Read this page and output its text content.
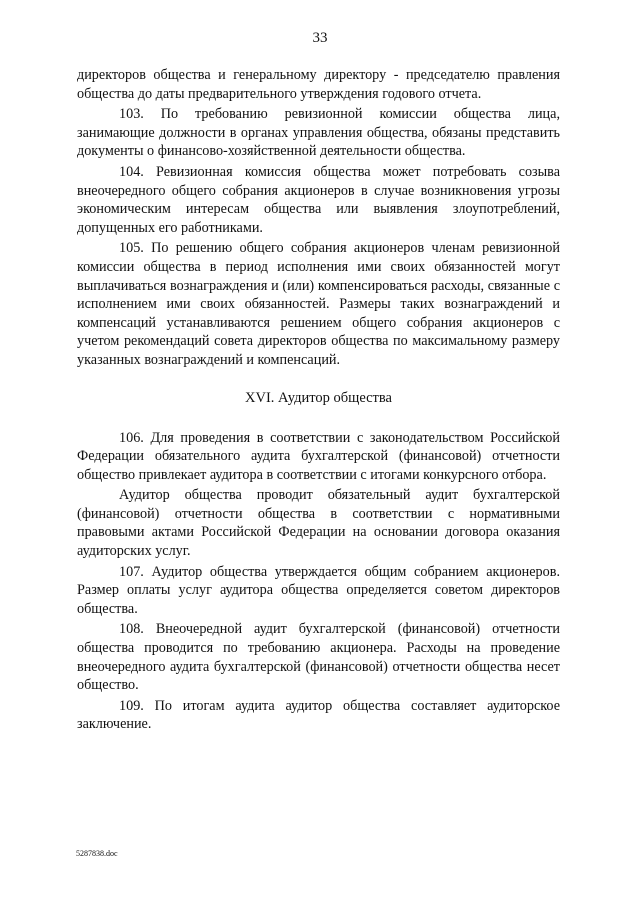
33

директоров общества и генеральному директору - председателю правления общества до даты предварительного утверждения годового отчета.

103. По требованию ревизионной комиссии общества лица, занимающие должности в органах управления общества, обязаны представить документы о финансово-хозяйственной деятельности общества.

104. Ревизионная комиссия общества может потребовать созыва внеочередного общего собрания акционеров в случае возникновения угрозы экономическим интересам общества или выявления злоупотреблений, допущенных его работниками.

105. По решению общего собрания акционеров членам ревизионной комиссии общества в период исполнения ими своих обязанностей могут выплачиваться вознаграждения и (или) компенсироваться расходы, связанные с исполнением ими своих обязанностей. Размеры таких вознаграждений и компенсаций устанавливаются решением общего собрания акционеров с учетом рекомендаций совета директоров общества по максимальному размеру указанных вознаграждений и компенсаций.

XVI. Аудитор общества

106. Для проведения в соответствии с законодательством Российской Федерации обязательного аудита бухгалтерской (финансовой) отчетности общество привлекает аудитора в соответствии с итогами конкурсного отбора.

Аудитор общества проводит обязательный аудит бухгалтерской (финансовой) отчетности общества в соответствии с нормативными правовыми актами Российской Федерации на основании договора оказания аудиторских услуг.

107. Аудитор общества утверждается общим собранием акционеров. Размер оплаты услуг аудитора общества определяется советом директоров общества.

108. Внеочередной аудит бухгалтерской (финансовой) отчетности общества проводится по требованию акционера. Расходы на проведение внеочередного аудита бухгалтерской (финансовой) отчетности общества несет общество.

109. По итогам аудита аудитор общества составляет аудиторское заключение.

5287838.doc
